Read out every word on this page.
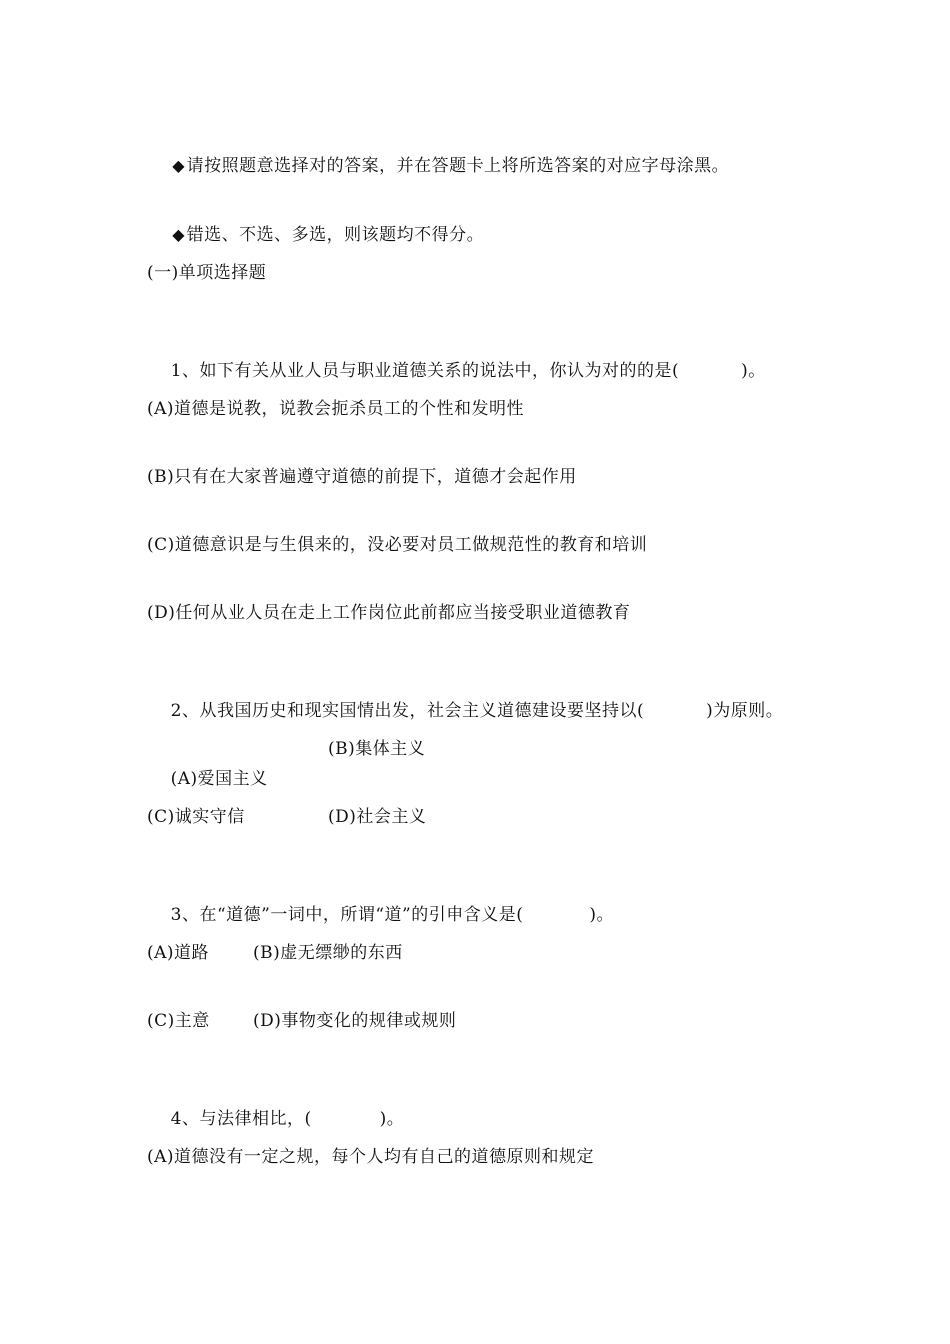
◆请按照题意选择对的答案，并在答题卡上将所选答案的对应字母涂黑。

◆错选、不选、多选，则该题均不得分。

(一)单项选择题

1、如下有关从业人员与职业道德关系的说法中，你认为对的的是(	)。

(A)道德是说教，说教会扼杀员工的个性和发明性
(B)只有在大家普遍遵守道德的前提下，道德才会起作用
(C)道德意识是与生俱来的，没必要对员工做规范性的教育和培训
(D)任何从业人员在走上工作岗位此前都应当接受职业道德教育

2、从我国历史和现实国情出发，社会主义道德建设要坚持以(	)为原则。

(A)爱国主义

(B)集体主义
(C)诚实守信	(D)社会主义

3、在“道德”一词中，所谓“道”的引申含义是(	)。

(A)道路	(B)虚无缥缈的东西
(C)主意	(D)事物变化的规律或规则

4、与法律相比，(	)。

(A)道德没有一定之规，每个人均有自己的道德原则和规定
